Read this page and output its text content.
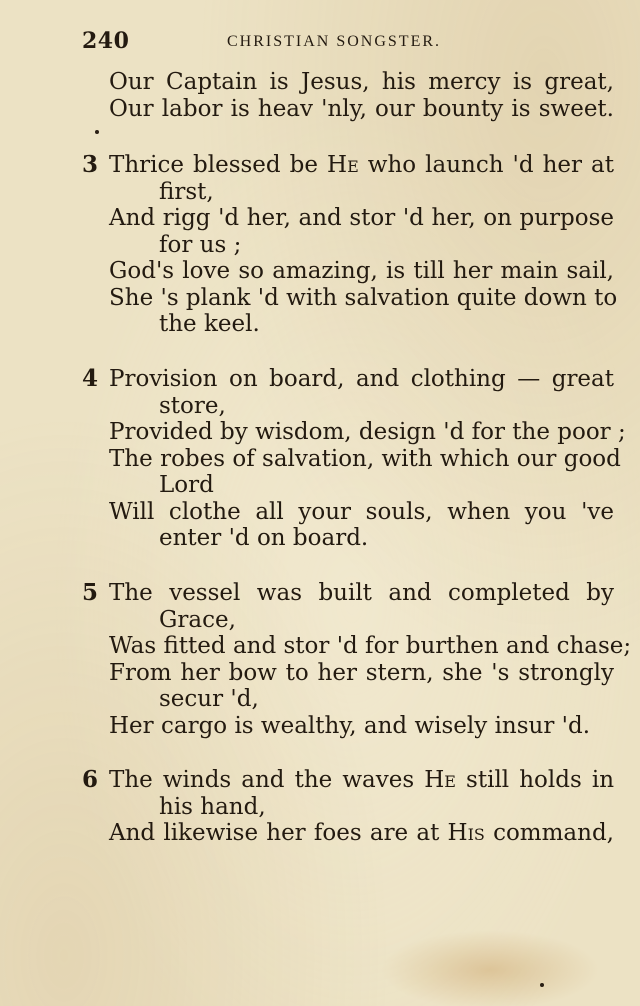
240	CHRISTIAN SONGSTER.
Our Captain is Jesus, his mercy is great,
Our labor is heav 'nly, our bounty is sweet.
3 Thrice blessed be He who launch 'd her at
first,
And rigg 'd her, and stor 'd her, on purpose
for us ;
God's love so amazing, is till her main sail,
She 's plank 'd with salvation quite down to
the keel.
4 Provision on board, and clothing — great
store,
Provided by wisdom, design 'd for the poor ;
The robes of salvation, with which our good
Lord
Will clothe all your souls, when you 've
enter 'd on board.
5 The vessel was built and completed by
Grace,
Was fitted and stor 'd for burthen and chase;
From her bow to her stern, she 's strongly
secur 'd,
Her cargo is wealthy, and wisely insur 'd.
6 The winds and the waves He still holds in
his hand,
And likewise her foes are at His command,
